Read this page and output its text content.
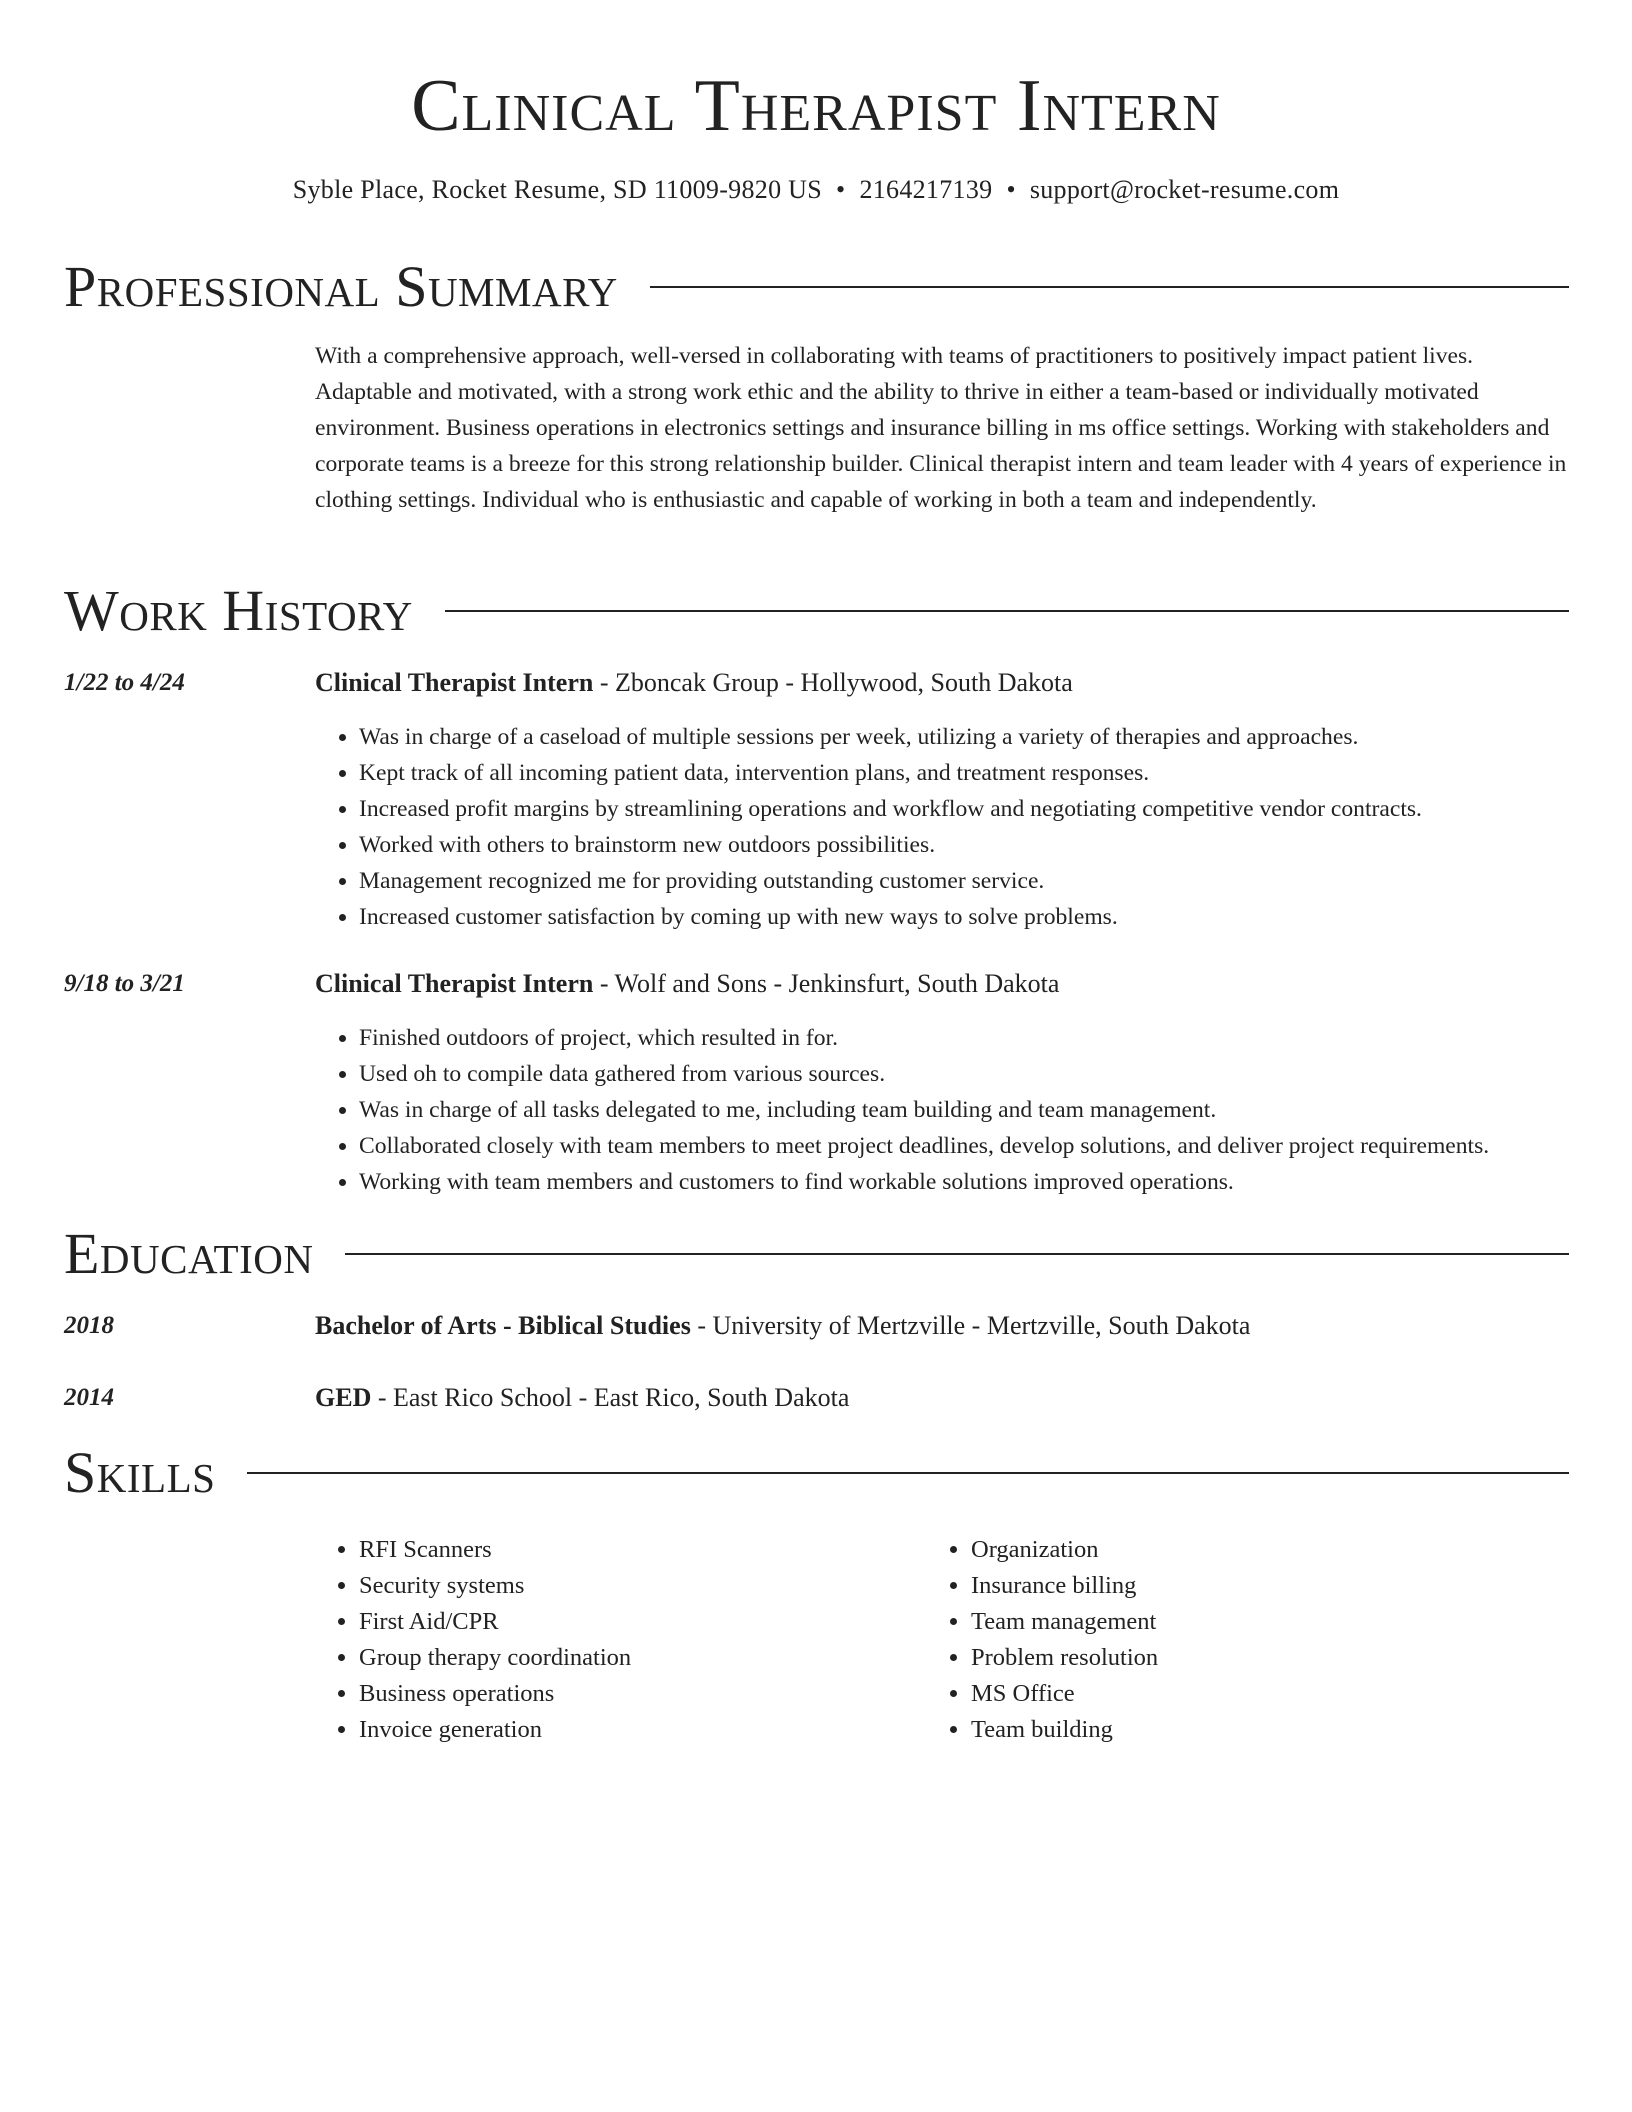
Clinical Therapist Intern
Syble Place, Rocket Resume, SD 11009-9820 US • 2164217139 • support@rocket-resume.com
Professional Summary

With a comprehensive approach, well-versed in collaborating with teams of practitioners to positively impact patient lives. Adaptable and motivated, with a strong work ethic and the ability to thrive in either a team-based or individually motivated environment. Business operations in electronics settings and insurance billing in ms office settings. Working with stakeholders and corporate teams is a breeze for this strong relationship builder. Clinical therapist intern and team leader with 4 years of experience in clothing settings. Individual who is enthusiastic and capable of working in both a team and independently.

Work History
1/22 to 4/24	Clinical Therapist Intern - Zboncak Group - Hollywood, South Dakota
• Was in charge of a caseload of multiple sessions per week, utilizing a variety of therapies and approaches.
• Kept track of all incoming patient data, intervention plans, and treatment responses.
• Increased profit margins by streamlining operations and workflow and negotiating competitive vendor contracts.
• Worked with others to brainstorm new outdoors possibilities.
• Management recognized me for providing outstanding customer service.
• Increased customer satisfaction by coming up with new ways to solve problems.
9/18 to 3/21	Clinical Therapist Intern - Wolf and Sons - Jenkinsfurt, South Dakota
• Finished outdoors of project, which resulted in for.
• Used oh to compile data gathered from various sources.
• Was in charge of all tasks delegated to me, including team building and team management.
• Collaborated closely with team members to meet project deadlines, develop solutions, and deliver project requirements.
• Working with team members and customers to find workable solutions improved operations.
Education
2018	Bachelor of Arts - Biblical Studies - University of Mertzville - Mertzville, South Dakota
2014	GED - East Rico School - East Rico, South Dakota
Skills
• RFI Scanners
• Security systems
• First Aid/CPR
• Group therapy coordination
• Business operations
• Invoice generation
• Organization
• Insurance billing
• Team management
• Problem resolution
• MS Office
• Team building
